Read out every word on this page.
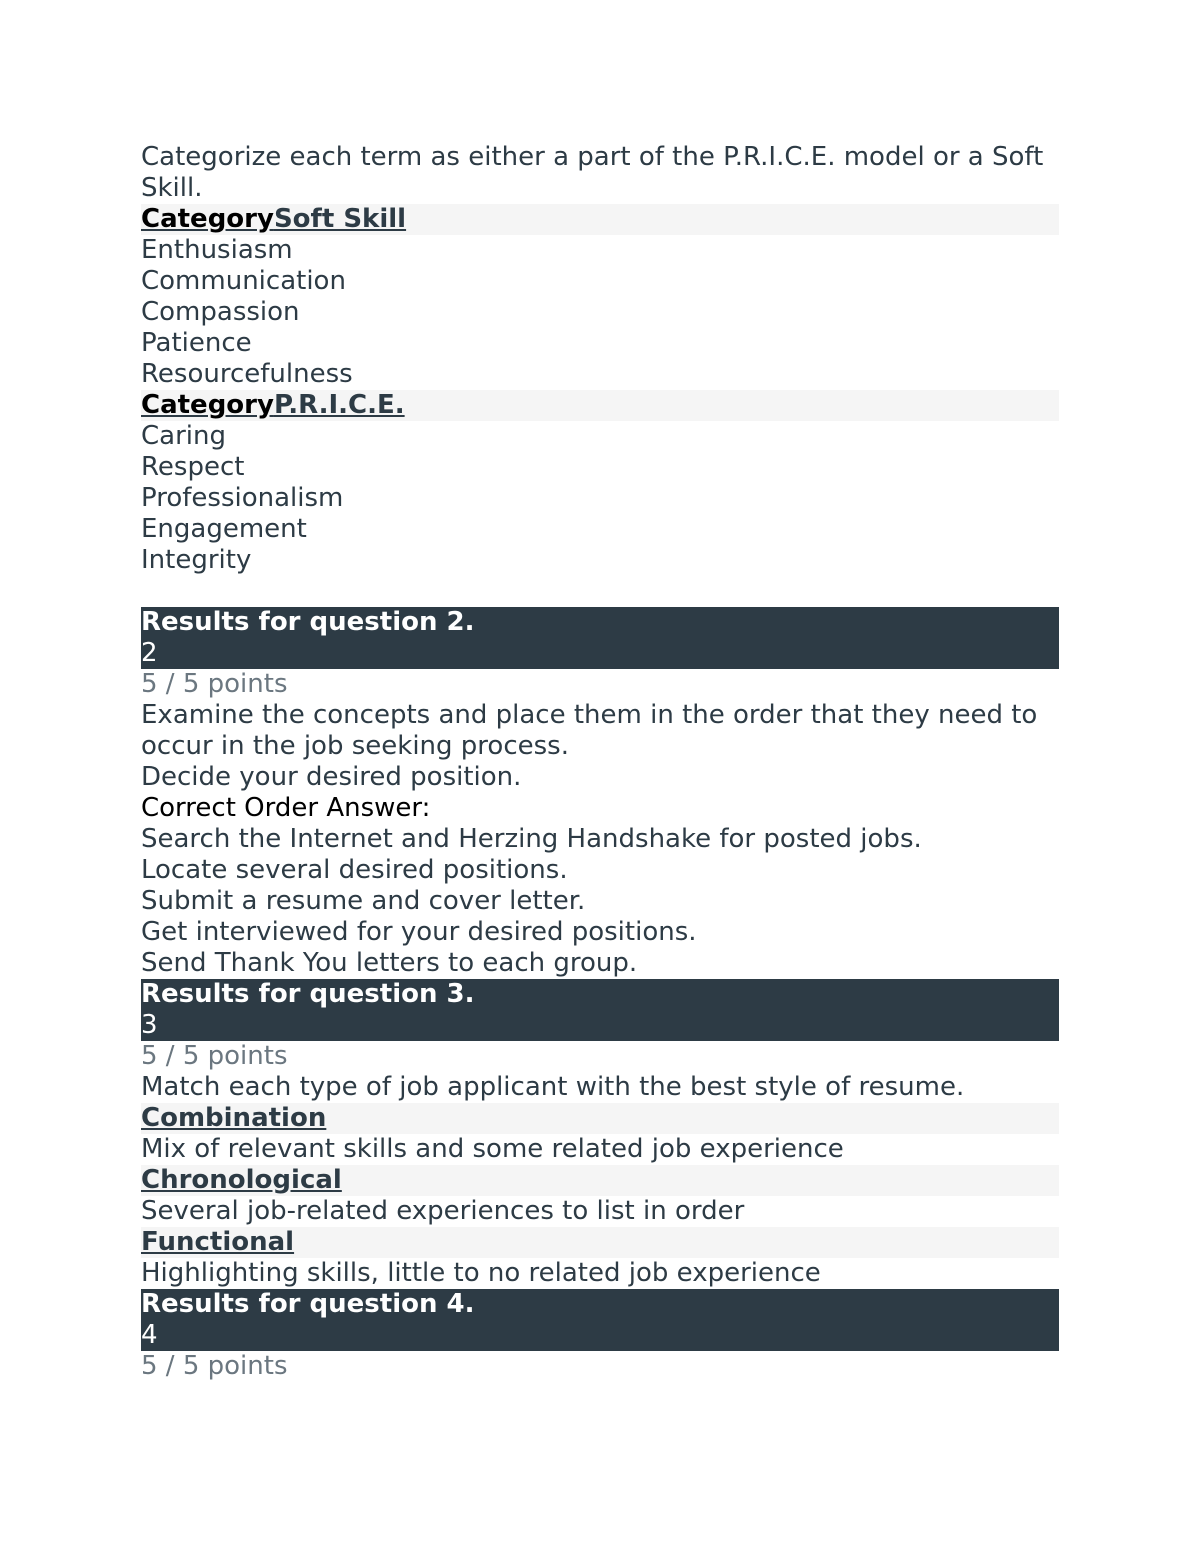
Categorize each term as either a part of the P.R.I.C.E. model or a Soft Skill.
CategorySoft Skill
Enthusiasm
Communication
Compassion
Patience
Resourcefulness
CategoryP.R.I.C.E.
Caring
Respect
Professionalism
Engagement
Integrity
Results for question 2.
2
5 / 5 points
Examine the concepts and place them in the order that they need to occur in the job seeking process.
Decide your desired position.
Correct Order Answer:
Search the Internet and Herzing Handshake for posted jobs.
Locate several desired positions.
Submit a resume and cover letter.
Get interviewed for your desired positions.
Send Thank You letters to each group.
Results for question 3.
3
5 / 5 points
Match each type of job applicant with the best style of resume.
Combination
Mix of relevant skills and some related job experience
Chronological
Several job-related experiences to list in order
Functional
Highlighting skills, little to no related job experience
Results for question 4.
4
5 / 5 points
